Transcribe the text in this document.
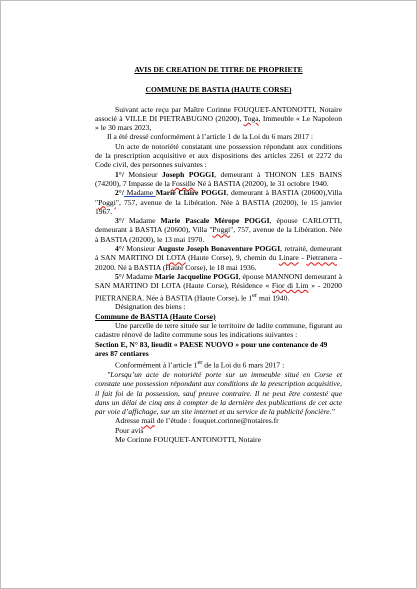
AVIS DE CREATION DE TITRE DE PROPRIETE

COMMUNE DE BASTIA (HAUTE CORSE)

Suivant acte reçu par Maître Corinne FOUQUET-ANTONOTTI, Notaire associé à VILLE DI PIETRABUGNO (20200), Toga, Immeuble « Le Napoleon » le 30 mars 2023,

Il a été dressé conformément à l’article 1 de la Loi du 6 mars 2017 :

Un acte de notoriété constatant une possession répondant aux conditions de la prescription acquisitive et aux dispositions des articles 2261 et 2272 du Code civil, des personnes suivantes :

1°/ Monsieur Joseph POGGI, demeurant à THONON LES BAINS (74200), 7 Impasse de la Fossille Né à BASTIA (20200), le 31 octobre 1940.

2°/ Madame Marie Claire POGGI, demeurant à BASTIA (20600),Villa "Poggi", 757, avenue de la Libération. Née à BASTIA (20200), le 15 janvier 1967.

3°/ Madame Marie Pascale Mérope POGGI, épouse CARLOTTI, demeurant à BASTIA (20600), Villa "Poggi", 757, avenue de la Libération. Née à BASTIA (20200), le 13 mai 1970.

4°/ Monsieur Auguste Joseph Bonaventure POGGI, retraité, demeurant à SAN MARTINO DI LOTA (Haute Corse), 9, chemin du Linare - Pietranera - 20200. Né à BASTIA (Haute Corse), le 18 mai 1936.

5°/ Madame Marie Jacqueline POGGI, épouse MANNONI demeurant à SAN MARTINO DI LOTA (Haute Corse), Résidence « Fior di Lim » - 20200 PIETRANERA. Née à BASTIA (Haute Corse), le 1er mai 1940.

Désignation des biens :

Commune de BASTIA (Haute Corse)

Une parcelle de terre située sur le territoire de ladite commune, figurant au cadastre rénové de ladite commune sous les indications suivantes :

Section E, N° 83, lieudit « PAESE NUOVO » pour une contenance de 49 ares 87 centiares

Conformément à l’article 1er de la Loi du 6 mars 2017 :

"Lorsqu’un acte de notoriété porte sur un immeuble situé en Corse et constate une possession répondant aux conditions de la prescription acquisitive, il fait foi de la possession, sauf preuve contraire. Il ne peut être contesté que dans un délai de cinq ans à compter de la dernière des publications de cet acte par voie d’affichage, sur un site internet et au service de la publicité foncière."

Adresse mail de l’étude : fouquet.corinne@notaires.fr

Pour avis

Me Corinne FOUQUET-ANTONOTTI, Notaire
